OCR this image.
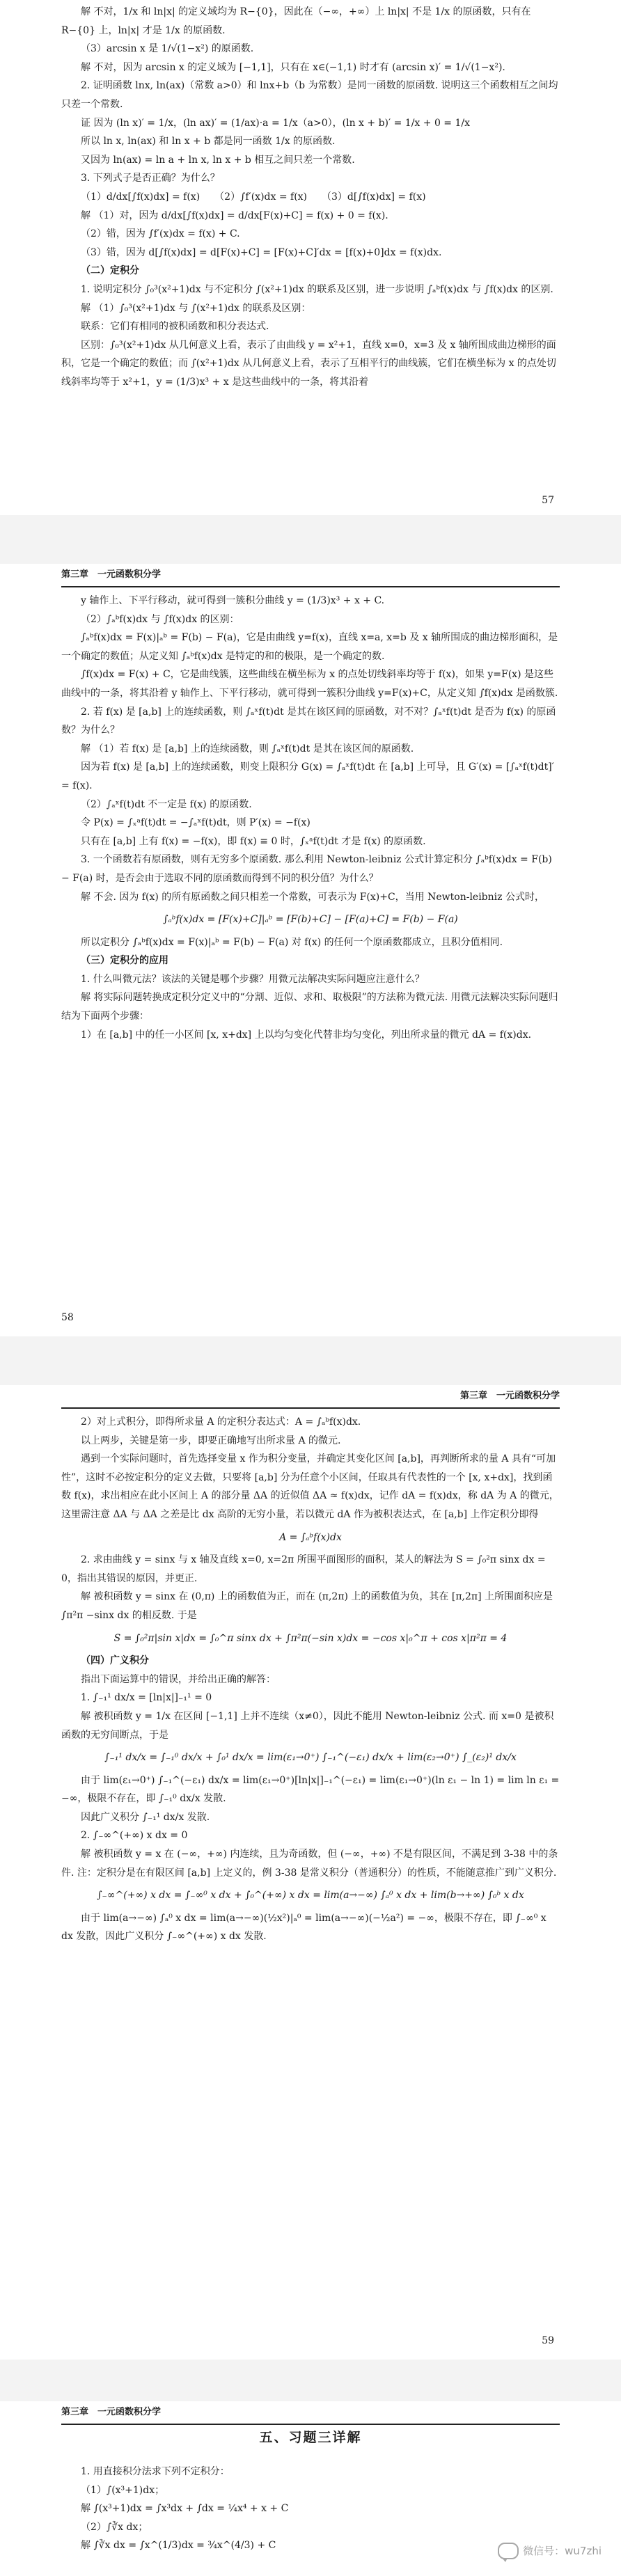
解 不对，1/x 和 ln|x| 的定义域均为 R−{0}，因此在（−∞，+∞）上 ln|x| 不是 1/x 的原函数，只有在 R−{0} 上，ln|x| 才是 1/x 的原函数.

（3）arcsin x 是 1/√(1−x²) 的原函数.

解 不对，因为 arcsin x 的定义域为 [−1,1]，只有在 x∈(−1,1) 时才有 (arcsin x)′ = 1/√(1−x²).

2. 证明函数 lnx, ln(ax)（常数 a>0）和 lnx+b（b 为常数）是同一函数的原函数. 说明这三个函数相互之间均只差一个常数.

证 因为 (ln x)′ = 1/x，(ln ax)′ = (1/ax)·a = 1/x（a>0），(ln x + b)′ = 1/x + 0 = 1/x

所以 ln x, ln(ax) 和 ln x + b 都是同一函数 1/x 的原函数.

又因为 ln(ax) = ln a + ln x, ln x + b 相互之间只差一个常数.

3. 下列式子是否正确？为什么？

（1）d/dx[∫f(x)dx] = f(x)　　（2）∫f′(x)dx = f(x)　　（3）d[∫f(x)dx] = f(x)

解 （1）对，因为 d/dx[∫f(x)dx] = d/dx[F(x)+C] = f(x) + 0 = f(x).

（2）错，因为 ∫f′(x)dx = f(x) + C.

（3）错，因为 d[∫f(x)dx] = d[F(x)+C] = [F(x)+C]′dx = [f(x)+0]dx = f(x)dx.

（二）定积分

1. 说明定积分 ∫₀³(x²+1)dx 与不定积分 ∫(x²+1)dx 的联系及区别，进一步说明 ∫ₐᵇf(x)dx 与 ∫f(x)dx 的区别.

解 （1）∫₀³(x²+1)dx 与 ∫(x²+1)dx 的联系及区别：

联系：它们有相同的被积函数和积分表达式.

区别：∫₀³(x²+1)dx 从几何意义上看，表示了由曲线 y = x²+1，直线 x=0，x=3 及 x 轴所围成曲边梯形的面积，它是一个确定的数值；而 ∫(x²+1)dx 从几何意义上看，表示了互相平行的曲线簇，它们在横坐标为 x 的点处切线斜率均等于 x²+1，y = (1/3)x³ + x 是这些曲线中的一条，将其沿着

57
第三章　一元函数积分学

y 轴作上、下平行移动，就可得到一簇积分曲线 y = (1/3)x³ + x + C.

（2）∫ₐᵇf(x)dx 与 ∫f(x)dx 的区别：

∫ₐᵇf(x)dx = F(x)|ₐᵇ = F(b) − F(a)，它是由曲线 y=f(x)，直线 x=a, x=b 及 x 轴所围成的曲边梯形面积，是一个确定的数值；从定义知 ∫ₐᵇf(x)dx 是特定的和的极限，是一个确定的数.

∫f(x)dx = F(x) + C，它是曲线簇，这些曲线在横坐标为 x 的点处切线斜率均等于 f(x)，如果 y=F(x) 是这些曲线中的一条，将其沿着 y 轴作上、下平行移动，就可得到一簇积分曲线 y=F(x)+C，从定义知 ∫f(x)dx 是函数簇.

2. 若 f(x) 是 [a,b] 上的连续函数，则 ∫ₐˣf(t)dt 是其在该区间的原函数，对不对？∫ₐˣf(t)dt 是否为 f(x) 的原函数？为什么？

解 （1）若 f(x) 是 [a,b] 上的连续函数，则 ∫ₐˣf(t)dt 是其在该区间的原函数.

因为若 f(x) 是 [a,b] 上的连续函数，则变上限积分 G(x) = ∫ₐˣf(t)dt 在 [a,b] 上可导，且 G′(x) = [∫ₐˣf(t)dt]′ = f(x).

（2）∫ₐˣf(t)dt 不一定是 f(x) 的原函数.

令 P(x) = ∫ₓᵃf(t)dt = −∫ₐˣf(t)dt，则 P′(x) = −f(x)

只有在 [a,b] 上有 f(x) = −f(x)，即 f(x) ≡ 0 时，∫ₓᵃf(t)dt 才是 f(x) 的原函数.

3. 一个函数若有原函数，则有无穷多个原函数. 那么利用 Newton-leibniz 公式计算定积分 ∫ₐᵇf(x)dx = F(b) − F(a) 时，是否会由于选取不同的原函数而得到不同的积分值？为什么？

解 不会. 因为 f(x) 的所有原函数之间只相差一个常数，可表示为 F(x)+C，当用 Newton-leibniz 公式时，

∫ₐᵇf(x)dx = [F(x)+C]|ₐᵇ = [F(b)+C] − [F(a)+C] = F(b) − F(a)

所以定积分 ∫ₐᵇf(x)dx = F(x)|ₐᵇ = F(b) − F(a) 对 f(x) 的任何一个原函数都成立，且积分值相同.

（三）定积分的应用

1. 什么叫微元法？该法的关键是哪个步骤？用微元法解决实际问题应注意什么？

解 将实际问题转换成定积分定义中的“分割、近似、求和、取极限”的方法称为微元法. 用微元法解决实际问题归结为下面两个步骤：

1）在 [a,b] 中的任一小区间 [x, x+dx] 上以均匀变化代替非均匀变化，列出所求量的微元 dA = f(x)dx.

58
第三章　一元函数积分学

2）对上式积分，即得所求量 A 的定积分表达式：A = ∫ₐᵇf(x)dx.

以上两步，关键是第一步，即要正确地写出所求量 A 的微元.

遇到一个实际问题时，首先选择变量 x 作为积分变量，并确定其变化区间 [a,b]，再判断所求的量 A 具有“可加性”，这时不必按定积分的定义去做，只要将 [a,b] 分为任意个小区间，任取具有代表性的一个 [x, x+dx]，找到函数 f(x)，求出相应在此小区间上 A 的部分量 ΔA 的近似值 ΔA ≈ f(x)dx，记作 dA = f(x)dx，称 dA 为 A 的微元，这里需注意 ΔA 与 ΔA 之差是比 dx 高阶的无穷小量，若以微元 dA 作为被积表达式，在 [a,b] 上作定积分即得

A = ∫ₐᵇf(x)dx

2. 求由曲线 y = sinx 与 x 轴及直线 x=0, x=2π 所围平面图形的面积，某人的解法为 S = ∫₀²π sinx dx = 0，指出其错误的原因，并更正.

解 被积函数 y = sinx 在 (0,π) 上的函数值为正，而在 (π,2π) 上的函数值为负，其在 [π,2π] 上所围面积应是 ∫π²π −sinx dx 的相反数. 于是

S = ∫₀²π|sin x|dx = ∫₀^π sinx dx + ∫π²π(−sin x)dx = −cos x|₀^π + cos x|π²π = 4

（四）广义积分

指出下面运算中的错误，并给出正确的解答：

1. ∫₋₁¹ dx/x = [ln|x|]₋₁¹ = 0

解 被积函数 y = 1/x 在区间 [−1,1] 上并不连续（x≠0），因此不能用 Newton-leibniz 公式. 而 x=0 是被积函数的无穷间断点，于是

∫₋₁¹ dx/x = ∫₋₁⁰ dx/x + ∫₀¹ dx/x = lim(ε₁→0⁺) ∫₋₁^(−ε₁) dx/x + lim(ε₂→0⁺) ∫_(ε₂)¹ dx/x

由于 lim(ε₁→0⁺) ∫₋₁^(−ε₁) dx/x = lim(ε₁→0⁺)[ln|x|]₋₁^(−ε₁) = lim(ε₁→0⁺)(ln ε₁ − ln 1) = lim ln ε₁ = −∞，极限不存在，即 ∫₋₁⁰ dx/x 发散.

因此广义积分 ∫₋₁¹ dx/x 发散.

2. ∫₋∞^(+∞) x dx = 0

解 被积函数 y = x 在 (−∞，+∞) 内连续，且为奇函数，但 (−∞，+∞) 不是有限区间，不满足到 3-38 中的条件. 注：定积分是在有限区间 [a,b] 上定义的，例 3-38 是常义积分（普通积分）的性质，不能随意推广到广义积分.

∫₋∞^(+∞) x dx = ∫₋∞⁰ x dx + ∫₀^(+∞) x dx = lim(a→−∞) ∫ₐ⁰ x dx + lim(b→+∞) ∫₀ᵇ x dx

由于 lim(a→−∞) ∫ₐ⁰ x dx = lim(a→−∞)(½x²)|ₐ⁰ = lim(a→−∞)(−½a²) = −∞，极限不存在，即 ∫₋∞⁰ x dx 发散，因此广义积分 ∫₋∞^(+∞) x dx 发散.

59
第三章　一元函数积分学
五、习题三详解

1. 用直接积分法求下列不定积分：

（1）∫(x³+1)dx；

解 ∫(x³+1)dx = ∫x³dx + ∫dx = ¼x⁴ + x + C

（2）∫∛x dx；

解 ∫∛x dx = ∫x^(1/3)dx = ¾x^(4/3) + C	微信号：wu7zhi
